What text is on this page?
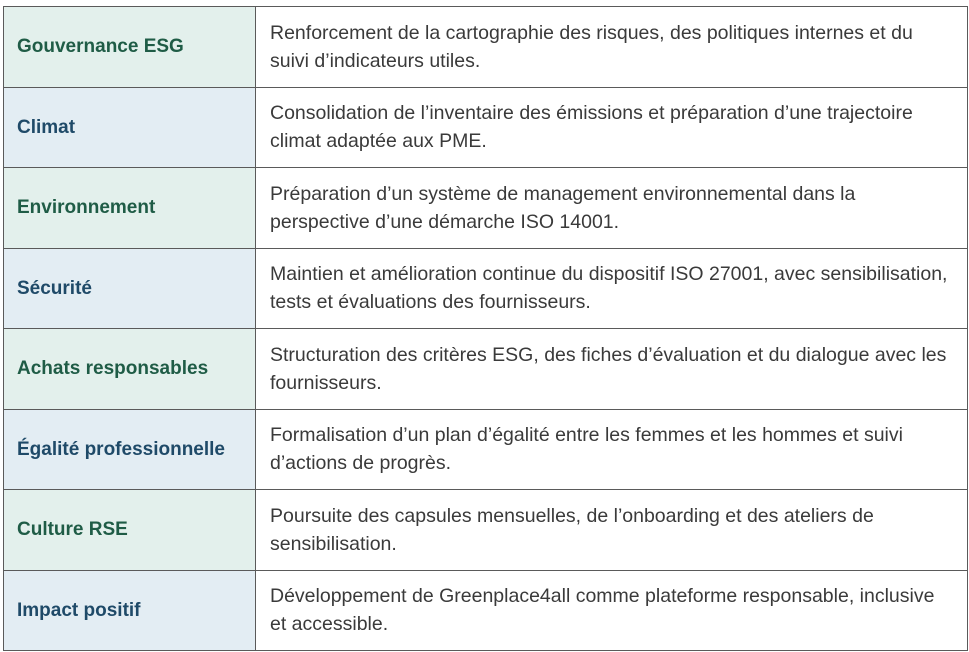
Gouvernance ESG	Renforcement de la cartographie des risques, des politiques internes et du suivi d’indicateurs utiles.
Climat	Consolidation de l’inventaire des émissions et préparation d’une trajectoire climat adaptée aux PME.
Environnement	Préparation d’un système de management environnemental dans la perspective d’une démarche ISO 14001.
Sécurité	Maintien et amélioration continue du dispositif ISO 27001, avec sensibilisation, tests et évaluations des fournisseurs.
Achats responsables	Structuration des critères ESG, des fiches d’évaluation et du dialogue avec les fournisseurs.
Égalité professionnelle	Formalisation d’un plan d’égalité entre les femmes et les hommes et suivi d’actions de progrès.
Culture RSE	Poursuite des capsules mensuelles, de l’onboarding et des ateliers de sensibilisation.
Impact positif	Développement de Greenplace4all comme plateforme responsable, inclusive et accessible.
